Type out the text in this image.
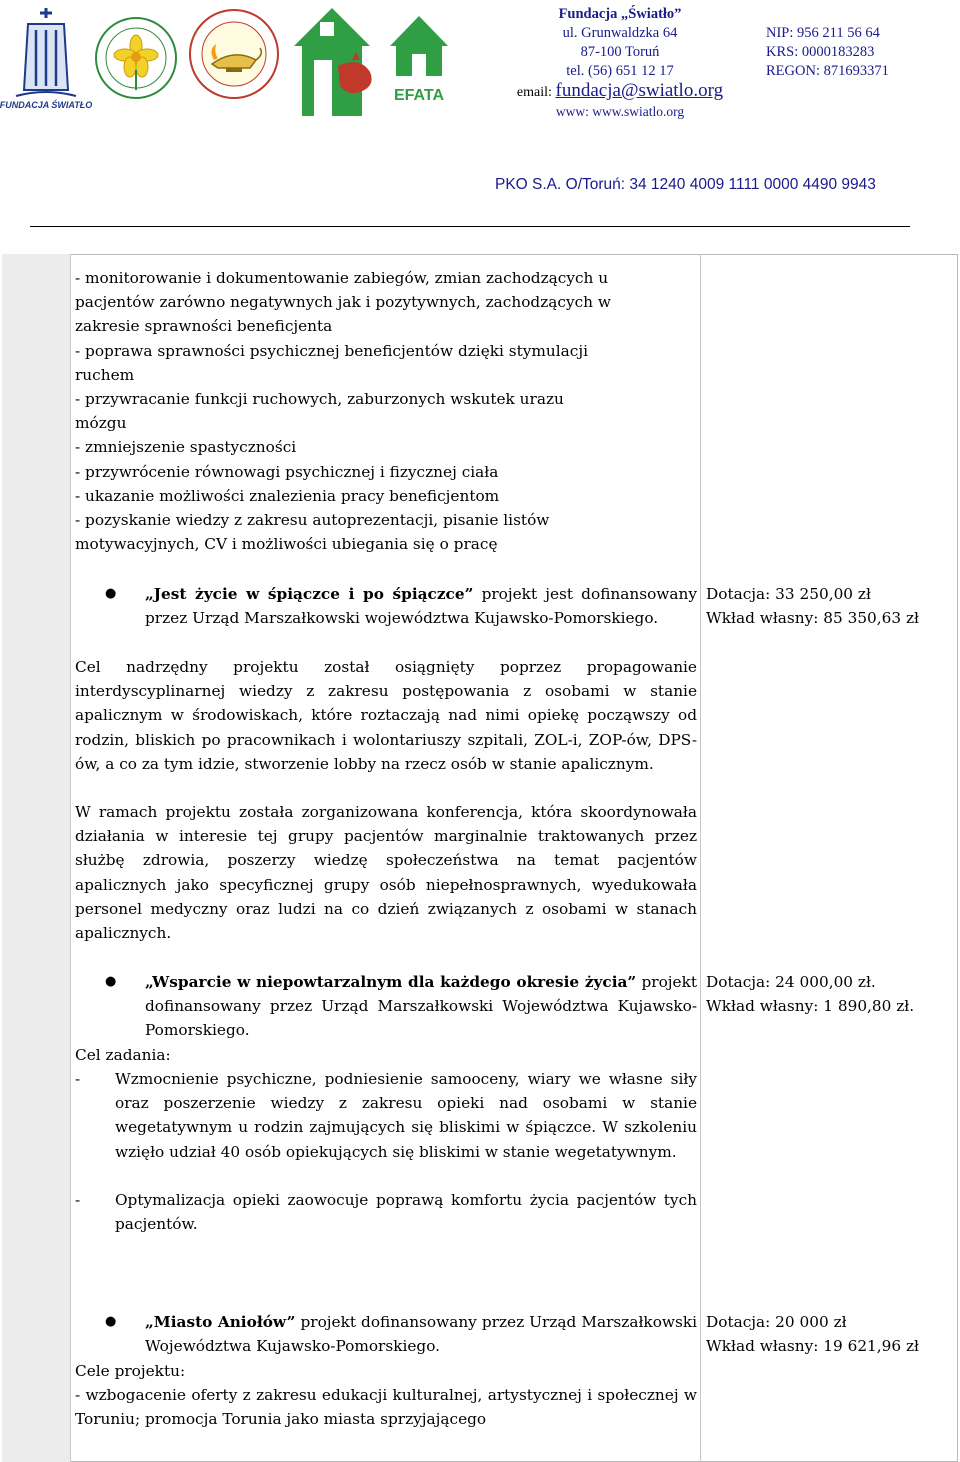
FUNDACJA ŚWIATŁO
EFATA
Fundacja „Światło”
ul. Grunwaldzka 64
87-100 Toruń
tel. (56) 651 12 17
email: fundacja@swiatlo.org
www: www.swiatlo.org
NIP: 956 211 56 64
KRS: 0000183283
REGON: 871693371
PKO S.A. O/Toruń: 34 1240 4009 1111 0000 4490 9943
- monitorowanie i dokumentowanie zabiegów, zmian zachodzących u
pacjentów zarówno negatywnych jak i pozytywnych, zachodzących w
zakresie sprawności beneficjenta
- poprawa sprawności psychicznej beneficjentów dzięki stymulacji
ruchem
- przywracanie funkcji ruchowych, zaburzonych wskutek urazu
mózgu
- zmniejszenie spastyczności
- przywrócenie równowagi psychicznej i fizycznej ciała
- ukazanie możliwości znalezienia pracy beneficjentom
- pozyskanie wiedzy z zakresu autoprezentacji, pisanie listów
motywacyjnych, CV i możliwości ubiegania się o pracę
● „Jest życie w śpiączce i po śpiączce” projekt jest dofinansowany przez Urząd Marszałkowski województwa Kujawsko-Pomorskiego.
Cel nadrzędny projektu został osiągnięty poprzez propagowanie interdyscyplinarnej wiedzy z zakresu postępowania z osobami w stanie apalicznym w środowiskach, które roztaczają nad nimi opiekę począwszy od rodzin, bliskich po pracownikach i wolontariuszy szpitali, ZOL-i, ZOP-ów, DPS-ów, a co za tym idzie, stworzenie lobby na rzecz osób w stanie apalicznym.
W ramach projektu została zorganizowana konferencja, która skoordynowała działania w interesie tej grupy pacjentów marginalnie traktowanych przez służbę zdrowia, poszerzy wiedzę społeczeństwa na temat pacjentów apalicznych jako specyficznej grupy osób niepełnosprawnych, wyedukowała personel medyczny oraz ludzi na co dzień związanych z osobami w stanach apalicznych.
Dotacja: 33 250,00 zł
Wkład własny: 85 350,63 zł
● „Wsparcie w niepowtarzalnym dla każdego okresie życia” projekt dofinansowany przez Urząd Marszałkowski Województwa Kujawsko-Pomorskiego.
Cel zadania:
-	Wzmocnienie psychiczne, podniesienie samooceny, wiary we własne siły oraz poszerzenie wiedzy z zakresu opieki nad osobami w stanie wegetatywnym u rodzin zajmujących się bliskimi w śpiączce. W szkoleniu wzięło udział 40 osób opiekujących się bliskimi w stanie wegetatywnym.
-	Optymalizacja opieki zaowocuje poprawą komfortu życia pacjentów tych pacjentów.
Dotacja: 24 000,00 zł.
Wkład własny: 1 890,80 zł.
● „Miasto Aniołów” projekt dofinansowany przez Urząd Marszałkowski Województwa Kujawsko-Pomorskiego.
Cele projektu:
- wzbogacenie oferty z zakresu edukacji kulturalnej, artystycznej i społecznej w Toruniu; promocja Torunia jako miasta sprzyjającego
Dotacja: 20 000 zł
Wkład własny: 19 621,96 zł
